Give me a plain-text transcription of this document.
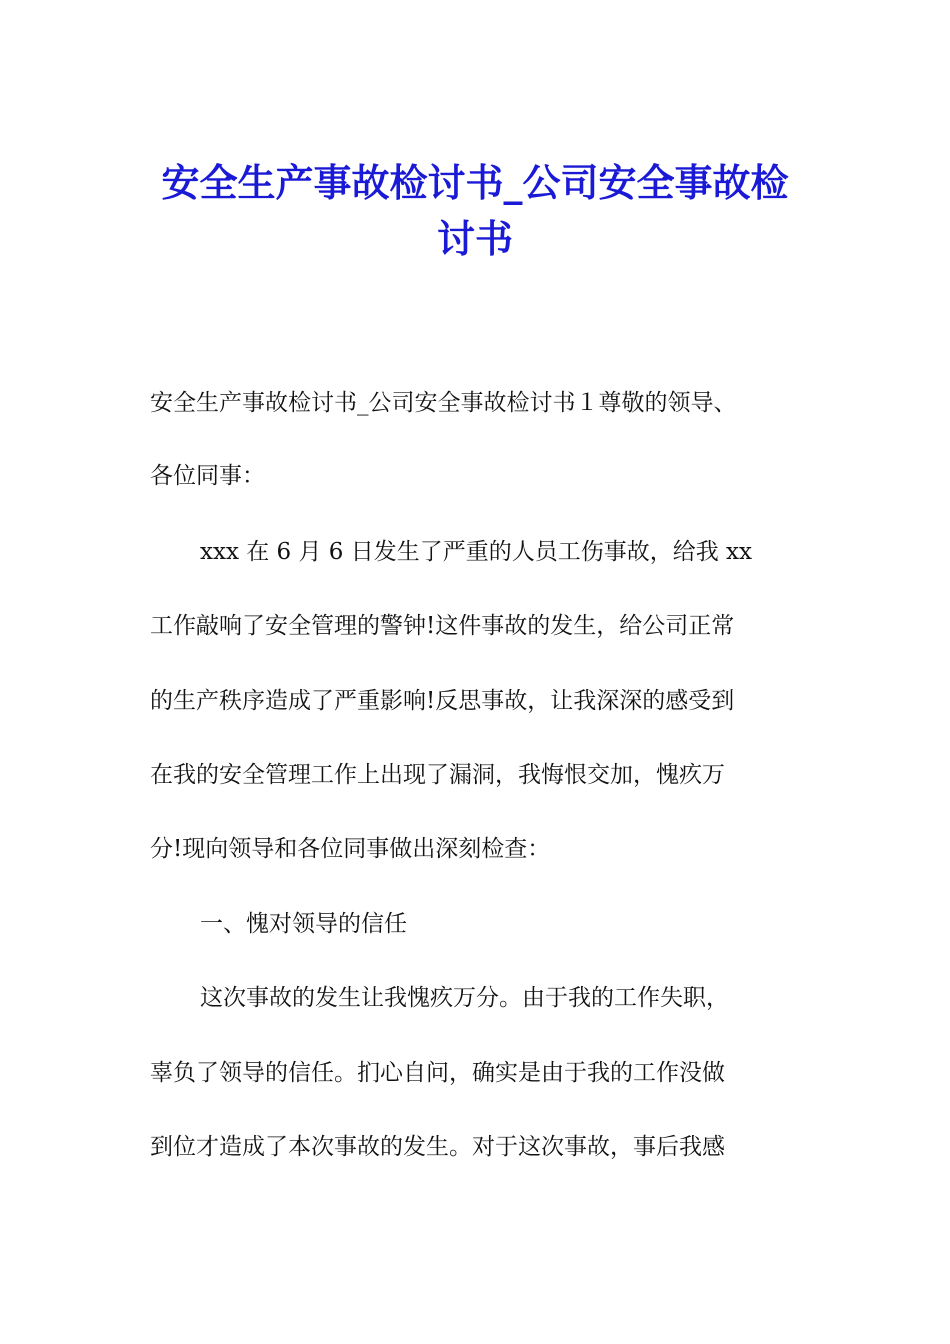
安全生产事故检讨书_公司安全事故检
讨书
安全生产事故检讨书_公司安全事故检讨书１尊敬的领导、
各位同事：
xxx 在 6 月 6 日发生了严重的人员工伤事故，给我 xx
工作敲响了安全管理的警钟!这件事故的发生，给公司正常
的生产秩序造成了严重影响!反思事故，让我深深的感受到
在我的安全管理工作上出现了漏洞，我悔恨交加，愧疚万
分!现向领导和各位同事做出深刻检查：
一、愧对领导的信任
这次事故的发生让我愧疚万分。由于我的工作失职，
辜负了领导的信任。扪心自问，确实是由于我的工作没做
到位才造成了本次事故的发生。对于这次事故，事后我感
